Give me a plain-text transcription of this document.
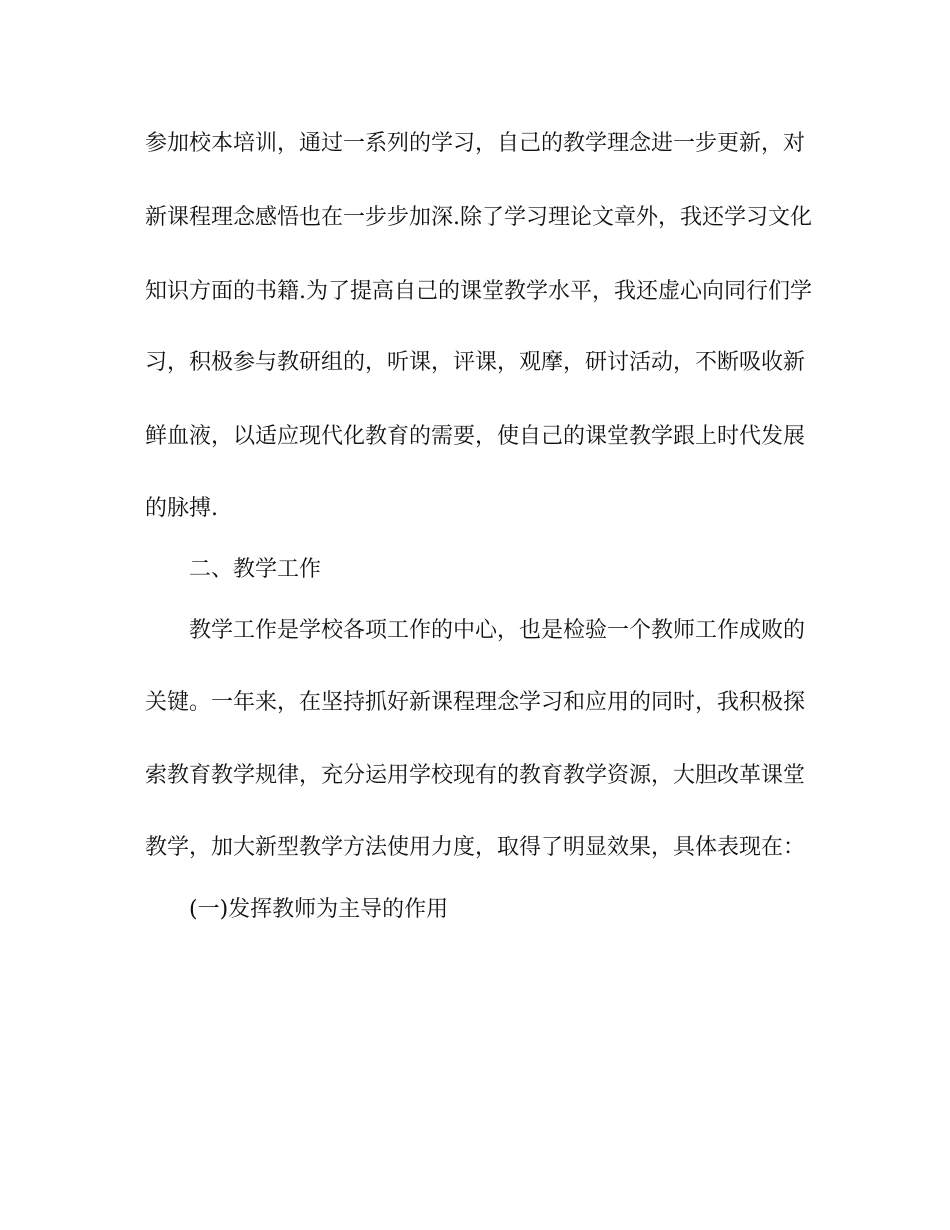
参加校本培训，通过一系列的学习，自己的教学理念进一步更新，对

新课程理念感悟也在一步步加深.除了学习理论文章外，我还学习文化

知识方面的书籍.为了提高自己的课堂教学水平，我还虚心向同行们学

习，积极参与教研组的，听课，评课，观摩，研讨活动，不断吸收新

鲜血液，以适应现代化教育的需要，使自己的课堂教学跟上时代发展

的脉搏.

二、教学工作

教学工作是学校各项工作的中心，也是检验一个教师工作成败的

关键。一年来，在坚持抓好新课程理念学习和应用的同时，我积极探

索教育教学规律，充分运用学校现有的教育教学资源，大胆改革课堂

教学，加大新型教学方法使用力度，取得了明显效果，具体表现在：

(一)发挥教师为主导的作用
